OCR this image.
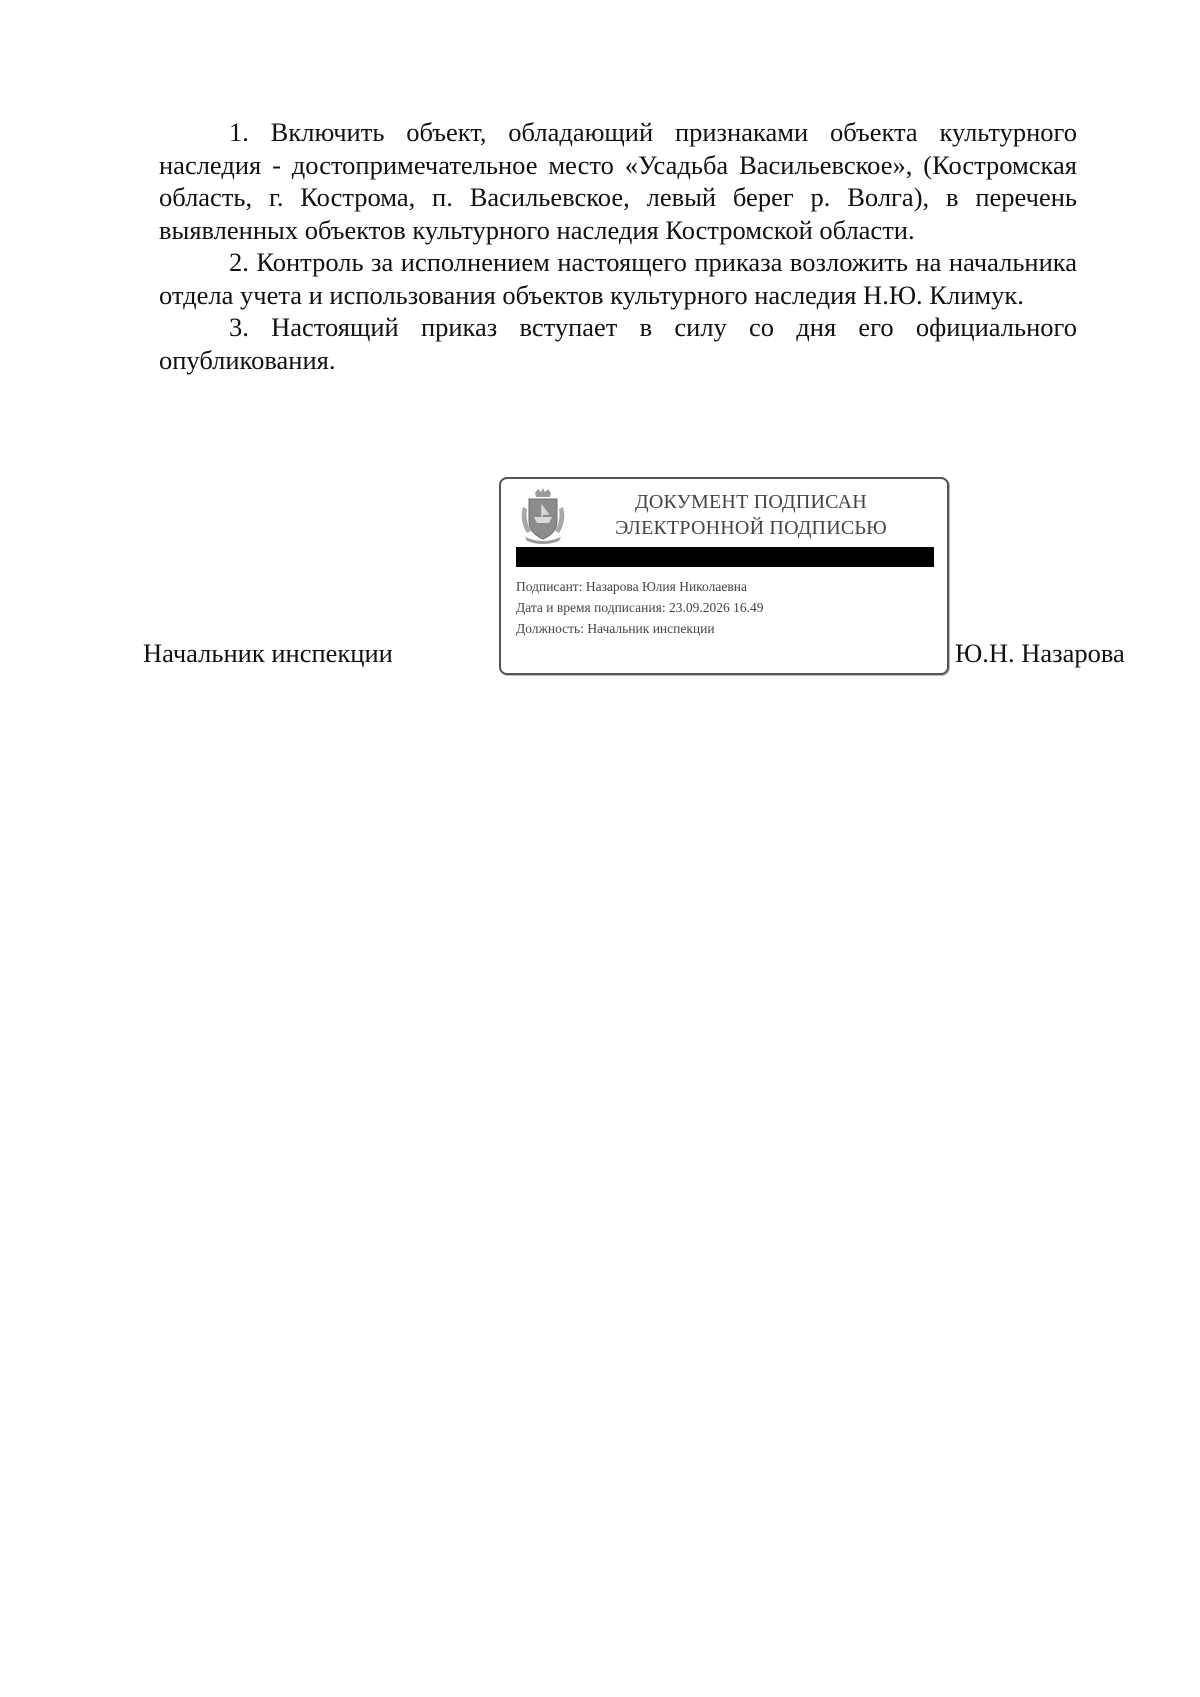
1. Включить объект, обладающий признаками объекта культурного наследия - достопримечательное место «Усадьба Васильевское», (Костромская область, г. Кострома, п. Васильевское, левый берег р. Волга), в перечень выявленных объектов культурного наследия Костромской области.

2. Контроль за исполнением настоящего приказа возложить на начальника отдела учета и использования объектов культурного наследия Н.Ю. Климук.

3. Настоящий приказ вступает в силу со дня его официального опубликования.

Начальник инспекции
ДОКУМЕНТ ПОДПИСАН
ЭЛЕКТРОННОЙ ПОДПИСЬЮ
Подписант: Назарова Юлия Николаевна
Дата и время подписания: 23.09.2026 16.49
Должность: Начальник инспекции
Ю.Н. Назарова
